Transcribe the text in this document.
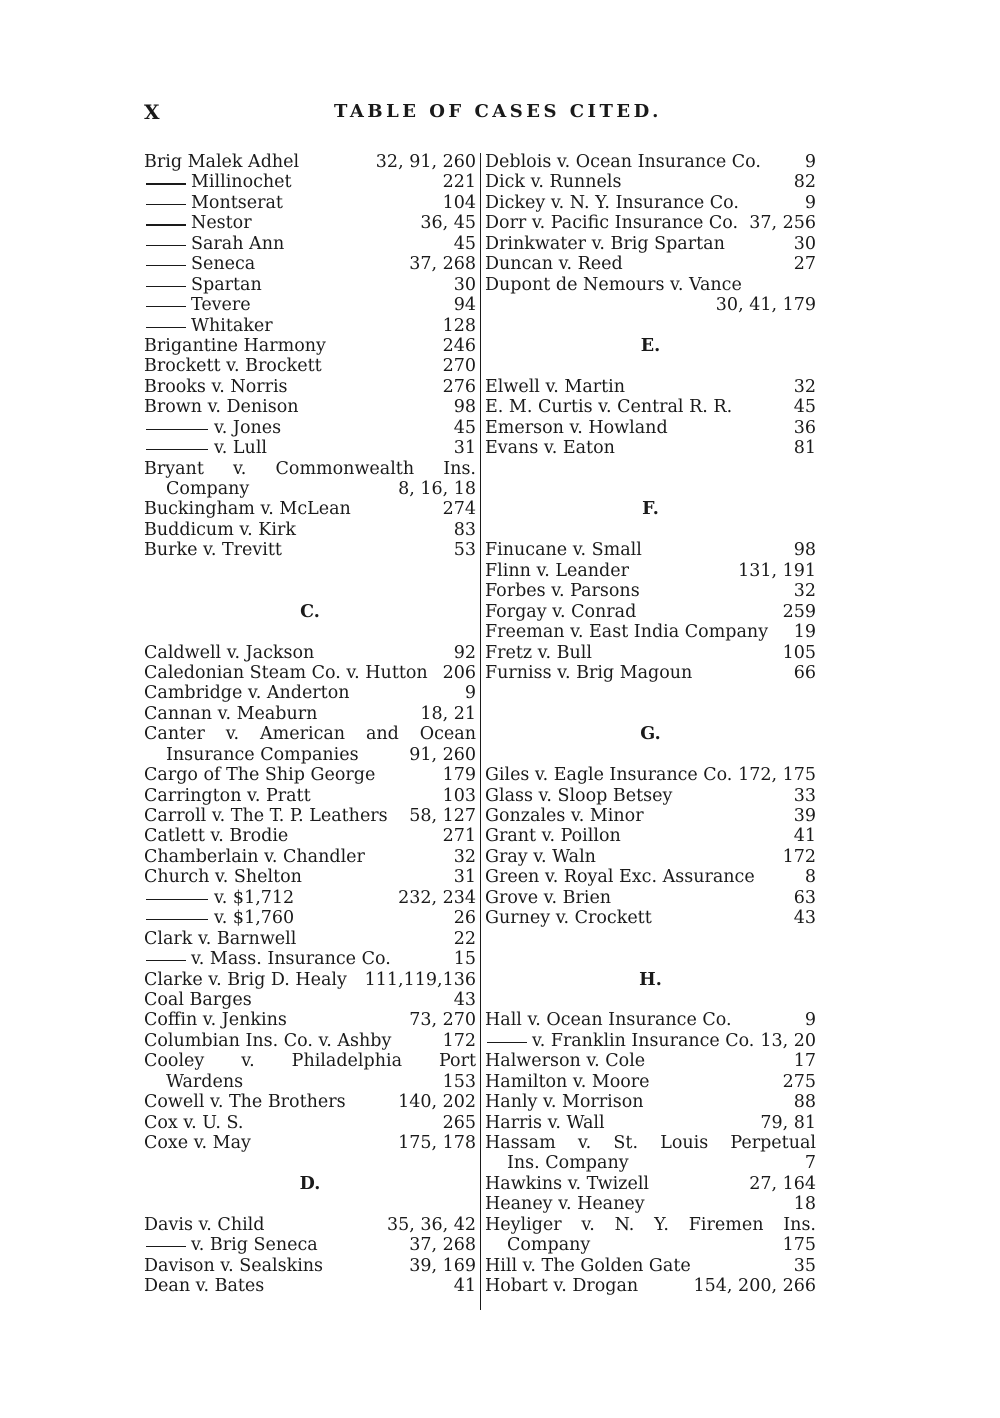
X	TABLE OF CASES CITED.
Brig Malek Adhel	32, 91, 260
Millinochet	221
Montserat	104
Nestor	36, 45
Sarah Ann	45
Seneca	37, 268
Spartan	30
Tevere	94
Whitaker	128
Brigantine Harmony	246
Brockett v. Brockett	270
Brooks v. Norris	276
Brown v. Denison	98
v. Jones	45
v. Lull	31
Bryant v. Commonwealth Ins.
Company	8, 16, 18
Buckingham v. McLean	274
Buddicum v. Kirk	83
Burke v. Trevitt	53
C.
Caldwell v. Jackson	92
Caledonian Steam Co. v. Hutton 206
Cambridge v. Anderton	9
Cannan v. Meaburn	18, 21
Canter v. American and Ocean
Insurance Companies	91, 260
Cargo of The Ship George	179
Carrington v. Pratt	103
Carroll v. The T. P. Leathers 58, 127
Catlett v. Brodie	271
Chamberlain v. Chandler	32
Church v. Shelton	31
v. $1,712	232, 234
v. $1,760	26
Clark v. Barnwell	22
v. Mass. Insurance Co.	15
Clarke v. Brig D. Healy 111,119,136
Coal Barges	43
Coffin v. Jenkins	73, 270
Columbian Ins. Co. v. Ashby	172
Cooley v. Philadelphia Port
Wardens	153
Cowell v. The Brothers	140, 202
Cox v. U. S.	265
Coxe v. May	175, 178
D.
Davis v. Child	35, 36, 42
v. Brig Seneca	37, 268
Davison v. Sealskins	39, 169
Dean v. Bates	41
Deblois v. Ocean Insurance Co.	9
Dick v. Runnels	82
Dickey v. N. Y. Insurance Co.	9
Dorr v. Pacific Insurance Co. 37, 256
Drinkwater v. Brig Spartan	30
Duncan v. Reed	27
Dupont de Nemours v. Vance
30, 41, 179
E.
Elwell v. Martin	32
E. M. Curtis v. Central R. R.	45
Emerson v. Howland	36
Evans v. Eaton	81
F.
Finucane v. Small	98
Flinn v. Leander	131, 191
Forbes v. Parsons	32
Forgay v. Conrad	259
Freeman v. East India Company 19
Fretz v. Bull	105
Furniss v. Brig Magoun	66
G.
Giles v. Eagle Insurance Co. 172, 175
Glass v. Sloop Betsey	33
Gonzales v. Minor	39
Grant v. Poillon	41
Gray v. Waln	172
Green v. Royal Exc. Assurance	8
Grove v. Brien	63
Gurney v. Crockett	43
H.
Hall v. Ocean Insurance Co.	9
v. Franklin Insurance Co. 13, 20
Halwerson v. Cole	17
Hamilton v. Moore	275
Hanly v. Morrison	88
Harris v. Wall	79, 81
Hassam v. St. Louis Perpetual
Ins. Company	7
Hawkins v. Twizell	27, 164
Heaney v. Heaney	18
Heyliger v. N. Y. Firemen Ins.
Company	175
Hill v. The Golden Gate	35
Hobart v. Drogan	154, 200, 266
